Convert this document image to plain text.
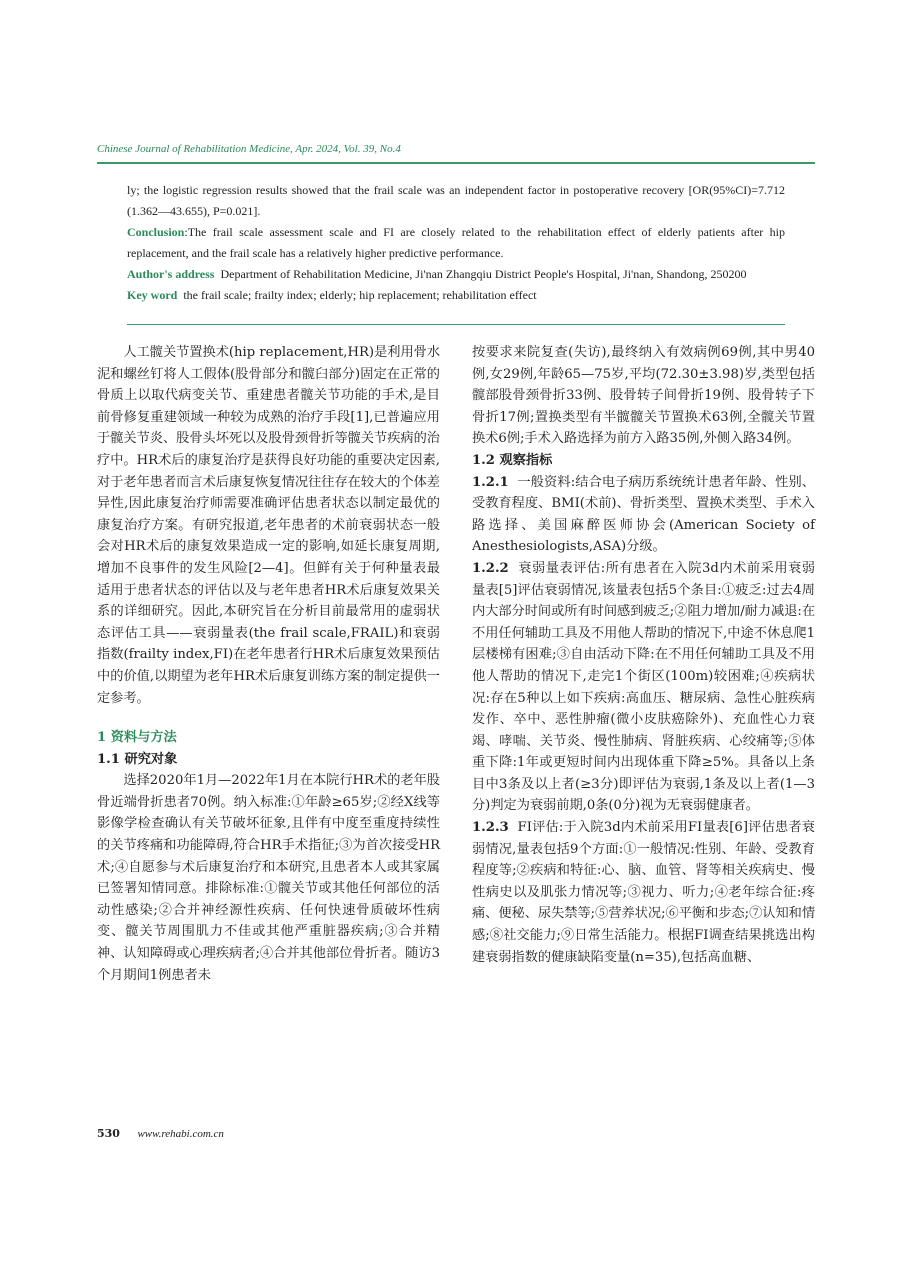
Chinese Journal of Rehabilitation Medicine, Apr. 2024, Vol. 39, No.4

ly; the logistic regression results showed that the frail scale was an independent factor in postoperative recovery [OR(95%CI)=7.712 (1.362—43.655), P=0.021].

Conclusion:The frail scale assessment scale and FI are closely related to the rehabilitation effect of elderly patients after hip replacement, and the frail scale has a relatively higher predictive performance.

Author's address Department of Rehabilitation Medicine, Ji'nan Zhangqiu District People's Hospital, Ji'nan, Shandong, 250200

Key word the frail scale; frailty index; elderly; hip replacement; rehabilitation effect

人工髋关节置换术(hip replacement,HR)是利用骨水泥和螺丝钉将人工假体(股骨部分和髋臼部分)固定在正常的骨质上以取代病变关节、重建患者髋关节功能的手术,是目前骨修复重建领域一种较为成熟的治疗手段[1],已普遍应用于髋关节炎、股骨头坏死以及股骨颈骨折等髋关节疾病的治疗中。HR术后的康复治疗是获得良好功能的重要决定因素,对于老年患者而言术后康复恢复情况往往存在较大的个体差异性,因此康复治疗师需要准确评估患者状态以制定最优的康复治疗方案。有研究报道,老年患者的术前衰弱状态一般会对HR术后的康复效果造成一定的影响,如延长康复周期,增加不良事件的发生风险[2—4]。但鲜有关于何种量表最适用于患者状态的评估以及与老年患者HR术后康复效果关系的详细研究。因此,本研究旨在分析目前最常用的虚弱状态评估工具——衰弱量表(the frail scale,FRAIL)和衰弱指数(frailty index,FI)在老年患者行HR术后康复效果预估中的价值,以期望为老年HR术后康复训练方案的制定提供一定参考。

1 资料与方法

1.1 研究对象

选择2020年1月—2022年1月在本院行HR术的老年股骨近端骨折患者70例。纳入标准:①年龄≥65岁;②经X线等影像学检查确认有关节破坏征象,且伴有中度至重度持续性的关节疼痛和功能障碍,符合HR手术指征;③为首次接受HR术;④自愿参与术后康复治疗和本研究,且患者本人或其家属已签署知情同意。排除标准:①髋关节或其他任何部位的活动性感染;②合并神经源性疾病、任何快速骨质破坏性病变、髋关节周围肌力不佳或其他严重脏器疾病;③合并精神、认知障碍或心理疾病者;④合并其他部位骨折者。随访3个月期间1例患者未

按要求来院复查(失访),最终纳入有效病例69例,其中男40例,女29例,年龄65—75岁,平均(72.30±3.98)岁,类型包括髋部股骨颈骨折33例、股骨转子间骨折19例、股骨转子下骨折17例;置换类型有半髋髋关节置换术63例,全髋关节置换术6例;手术入路选择为前方入路35例,外侧入路34例。

1.2 观察指标

1.2.1 一般资料:结合电子病历系统统计患者年龄、性别、受教育程度、BMI(术前)、骨折类型、置换术类型、手术入路选择、美国麻醉医师协会(American Society of Anesthesiologists,ASA)分级。

1.2.2 衰弱量表评估:所有患者在入院3d内术前采用衰弱量表[5]评估衰弱情况,该量表包括5个条目:①疲乏:过去4周内大部分时间或所有时间感到疲乏;②阻力增加/耐力减退:在不用任何辅助工具及不用他人帮助的情况下,中途不休息爬1层楼梯有困难;③自由活动下降:在不用任何辅助工具及不用他人帮助的情况下,走完1个街区(100m)较困难;④疾病状况:存在5种以上如下疾病:高血压、糖尿病、急性心脏疾病发作、卒中、恶性肿瘤(微小皮肤癌除外)、充血性心力衰竭、哮喘、关节炎、慢性肺病、肾脏疾病、心绞痛等;⑤体重下降:1年或更短时间内出现体重下降≥5%。具备以上条目中3条及以上者(≥3分)即评估为衰弱,1条及以上者(1—3分)判定为衰弱前期,0条(0分)视为无衰弱健康者。

1.2.3 FI评估:于入院3d内术前采用FI量表[6]评估患者衰弱情况,量表包括9个方面:①一般情况:性别、年龄、受教育程度等;②疾病和特征:心、脑、血管、肾等相关疾病史、慢性病史以及肌张力情况等;③视力、听力;④老年综合征:疼痛、便秘、尿失禁等;⑤营养状况;⑥平衡和步态;⑦认知和情感;⑧社交能力;⑨日常生活能力。根据FI调查结果挑选出构建衰弱指数的健康缺陷变量(n=35),包括高血糖、

530 www.rehabi.com.cn
